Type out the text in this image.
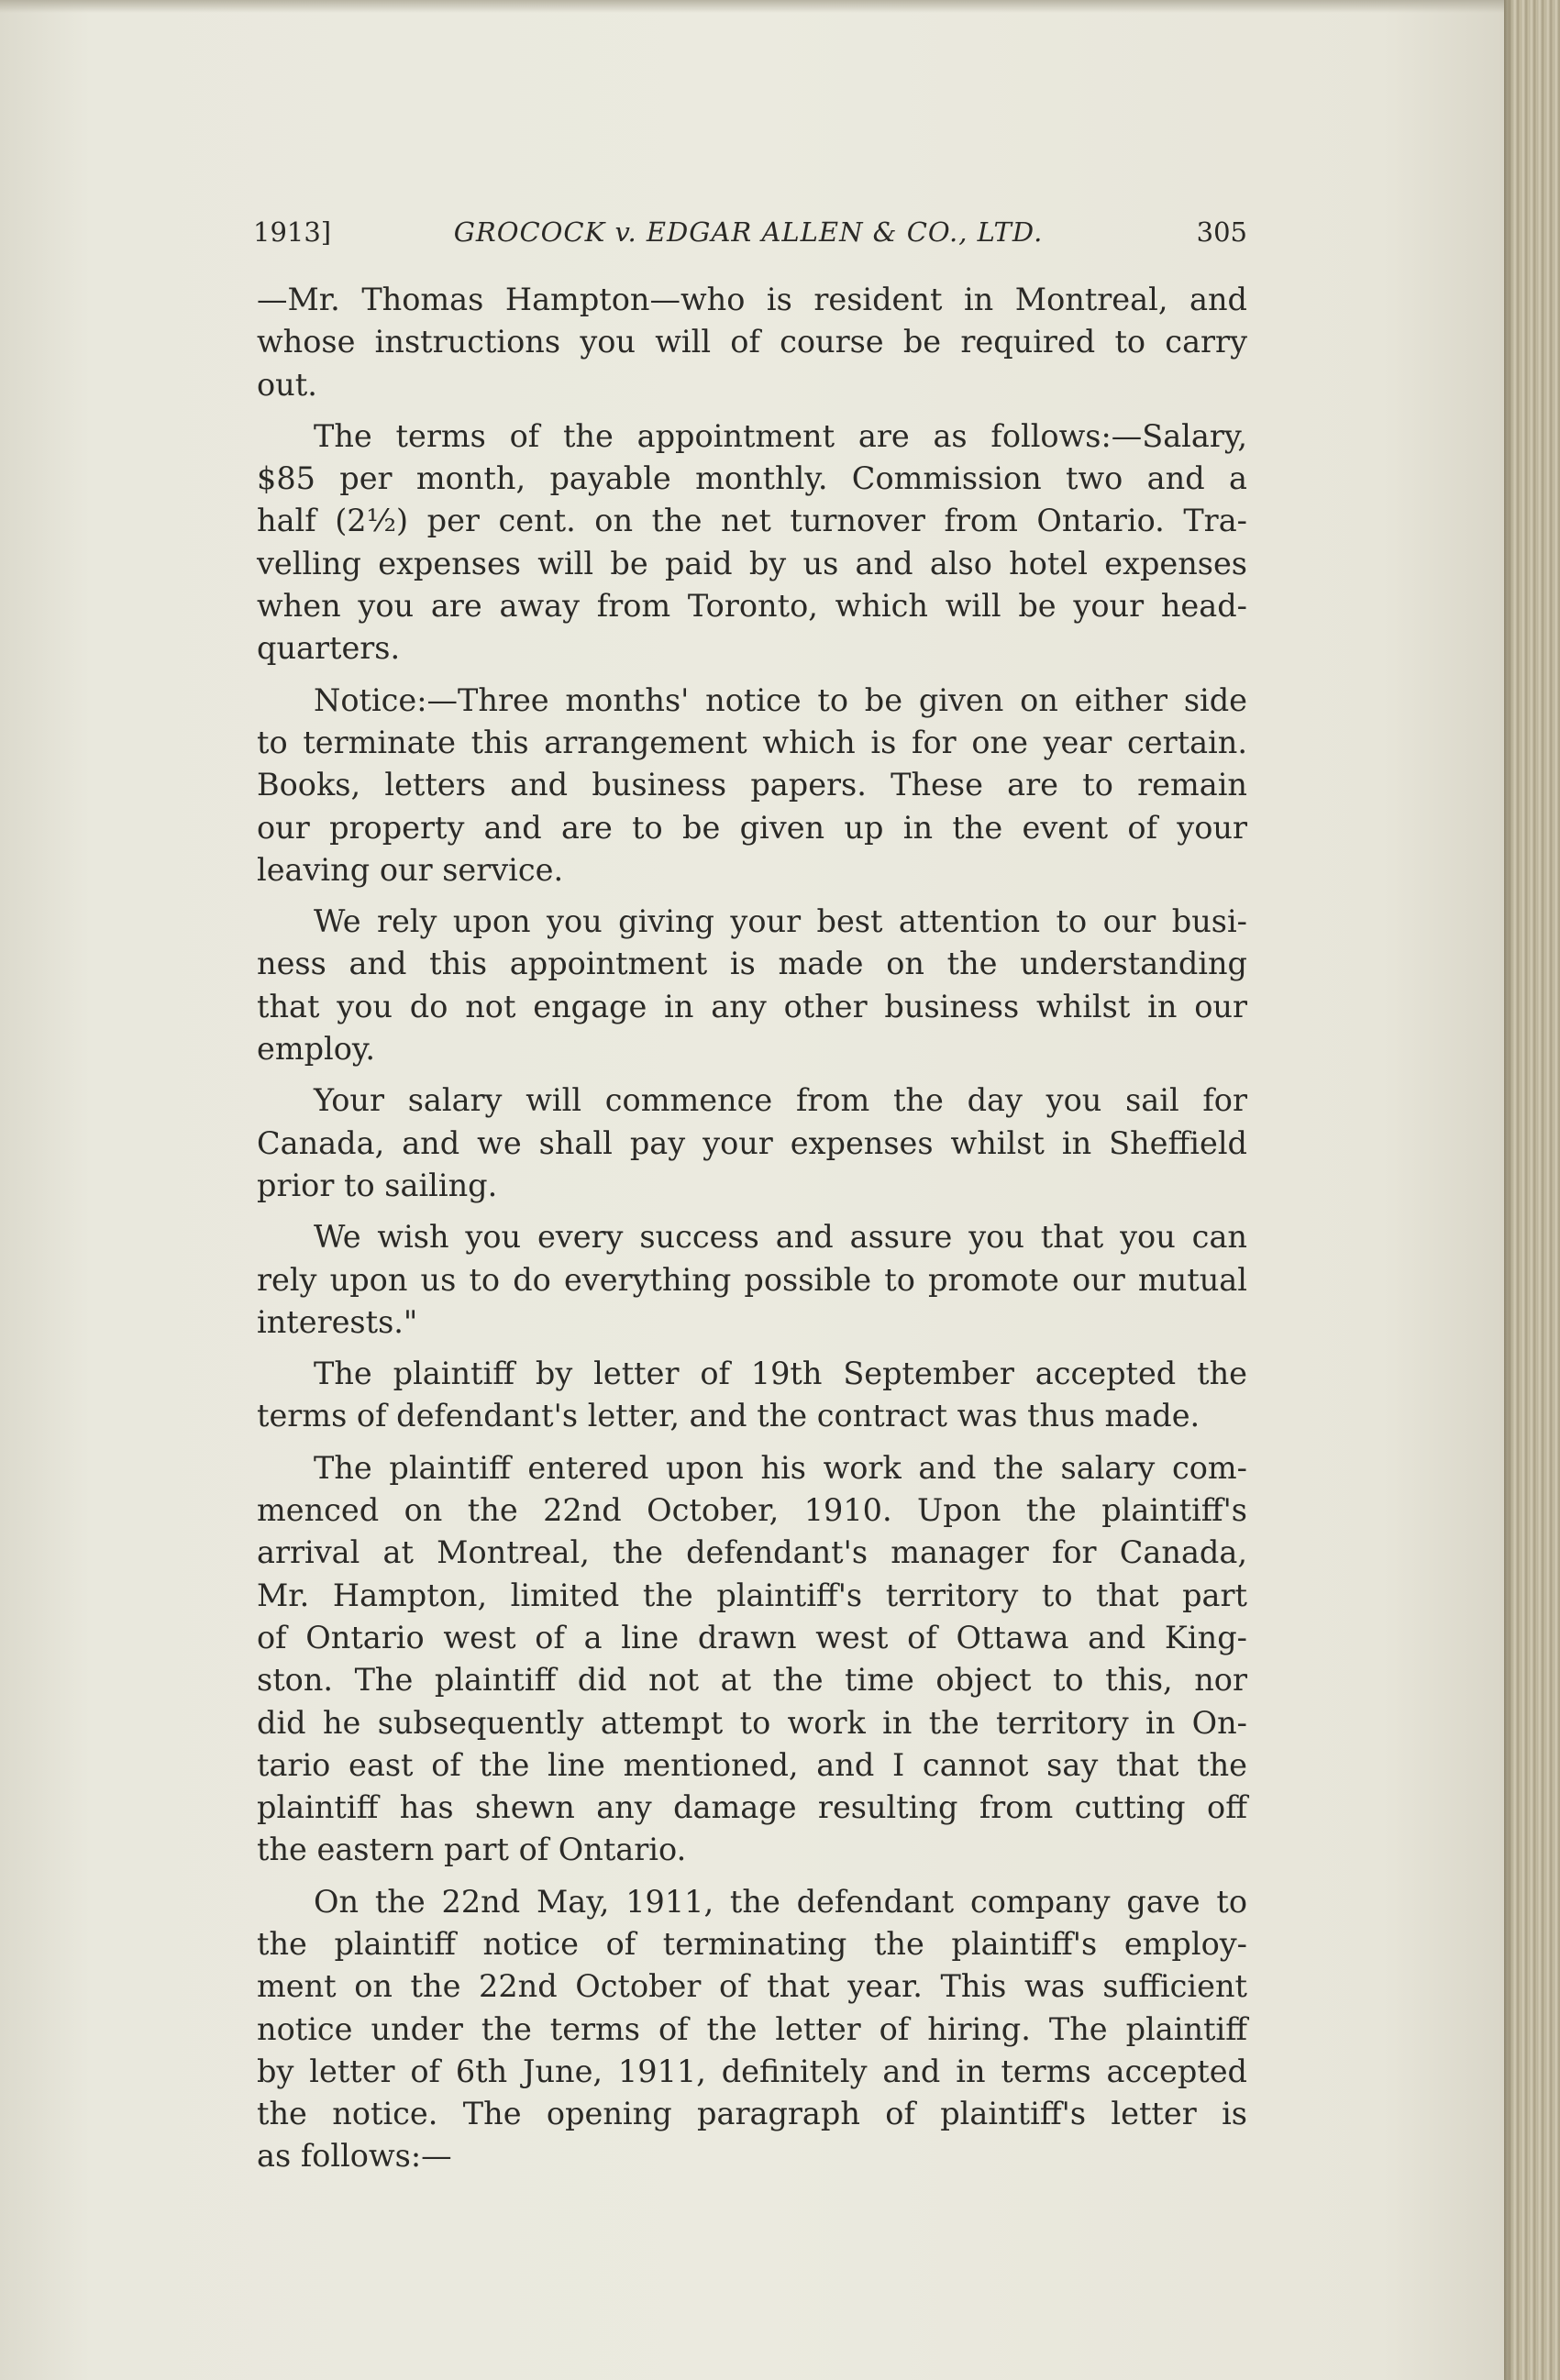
1913]	GROCOCK v. EDGAR ALLEN & CO., LTD.	305
—Mr. Thomas Hampton—who is resident in Montreal, and
whose instructions you will of course be required to carry
out.
The terms of the appointment are as follows:—Salary,
$85 per month, payable monthly. Commission two and a
half (2½) per cent. on the net turnover from Ontario. Tra-
velling expenses will be paid by us and also hotel expenses
when you are away from Toronto, which will be your head-
quarters.
Notice:—Three months' notice to be given on either side
to terminate this arrangement which is for one year certain.
Books, letters and business papers. These are to remain
our property and are to be given up in the event of your
leaving our service.
We rely upon you giving your best attention to our busi-
ness and this appointment is made on the understanding
that you do not engage in any other business whilst in our
employ.
Your salary will commence from the day you sail for
Canada, and we shall pay your expenses whilst in Sheffield
prior to sailing.
We wish you every success and assure you that you can
rely upon us to do everything possible to promote our mutual
interests."
The plaintiff by letter of 19th September accepted the
terms of defendant's letter, and the contract was thus made.
The plaintiff entered upon his work and the salary com-
menced on the 22nd October, 1910. Upon the plaintiff's
arrival at Montreal, the defendant's manager for Canada,
Mr. Hampton, limited the plaintiff's territory to that part
of Ontario west of a line drawn west of Ottawa and King-
ston. The plaintiff did not at the time object to this, nor
did he subsequently attempt to work in the territory in On-
tario east of the line mentioned, and I cannot say that the
plaintiff has shewn any damage resulting from cutting off
the eastern part of Ontario.
On the 22nd May, 1911, the defendant company gave to
the plaintiff notice of terminating the plaintiff's employ-
ment on the 22nd October of that year. This was sufficient
notice under the terms of the letter of hiring. The plaintiff
by letter of 6th June, 1911, definitely and in terms accepted
the notice. The opening paragraph of plaintiff's letter is
as follows:—
